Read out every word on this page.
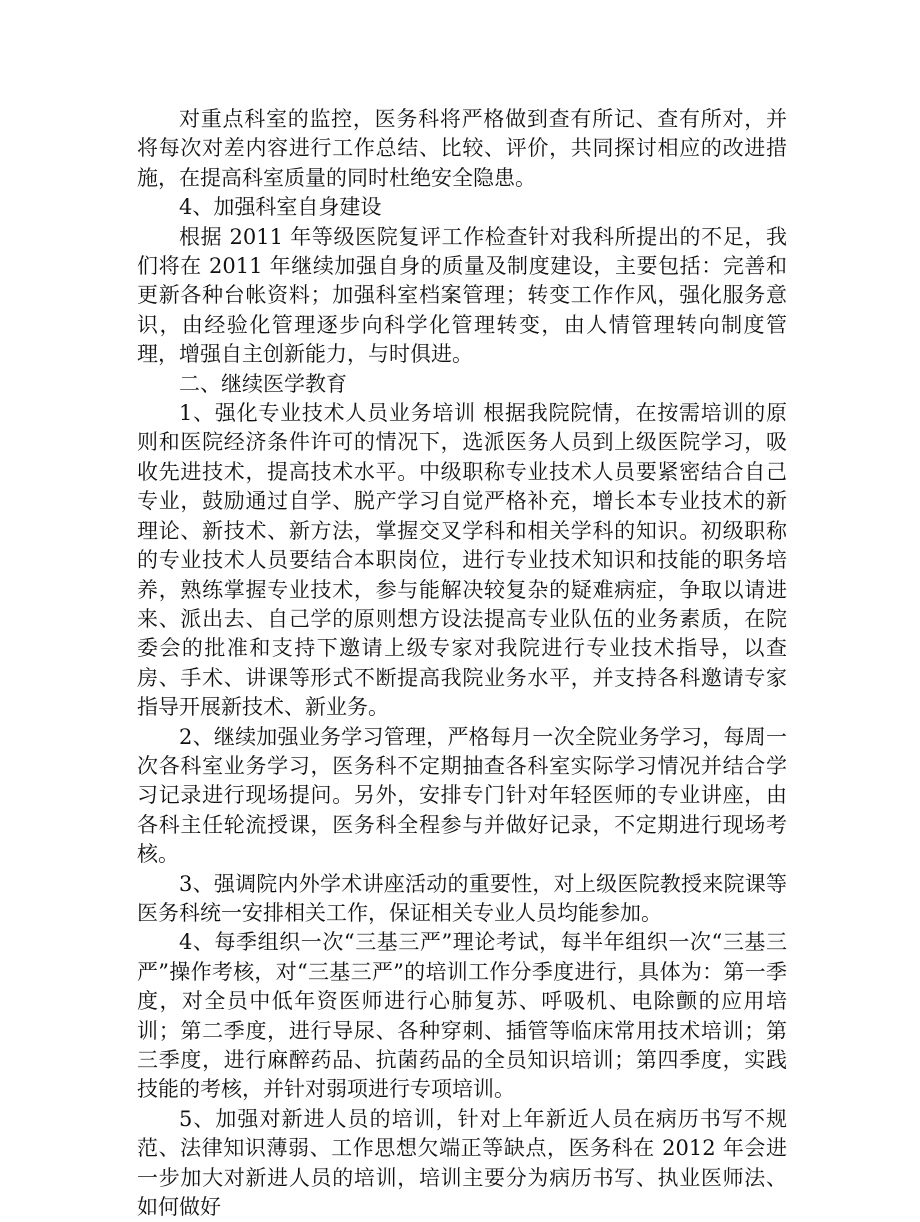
对重点科室的监控，医务科将严格做到查有所记、查有所对，并将每次对差内容进行工作总结、比较、评价，共同探讨相应的改进措施，在提高科室质量的同时杜绝安全隐患。

4、加强科室自身建设

根据 2011 年等级医院复评工作检查针对我科所提出的不足，我们将在 2011 年继续加强自身的质量及制度建设，主要包括：完善和更新各种台帐资料；加强科室档案管理；转变工作作风，强化服务意识，由经验化管理逐步向科学化管理转变，由人情管理转向制度管理，增强自主创新能力，与时俱进。

二、继续医学教育

1、强化专业技术人员业务培训 根据我院院情，在按需培训的原则和医院经济条件许可的情况下，选派医务人员到上级医院学习，吸收先进技术，提高技术水平。中级职称专业技术人员要紧密结合自己专业，鼓励通过自学、脱产学习自觉严格补充，增长本专业技术的新理论、新技术、新方法，掌握交叉学科和相关学科的知识。初级职称的专业技术人员要结合本职岗位，进行专业技术知识和技能的职务培养，熟练掌握专业技术，参与能解决较复杂的疑难病症，争取以请进来、派出去、自己学的原则想方设法提高专业队伍的业务素质，在院委会的批准和支持下邀请上级专家对我院进行专业技术指导，以查房、手术、讲课等形式不断提高我院业务水平，并支持各科邀请专家指导开展新技术、新业务。

2、继续加强业务学习管理，严格每月一次全院业务学习，每周一次各科室业务学习，医务科不定期抽查各科室实际学习情况并结合学习记录进行现场提问。另外，安排专门针对年轻医师的专业讲座，由各科主任轮流授课，医务科全程参与并做好记录，不定期进行现场考核。

3、强调院内外学术讲座活动的重要性，对上级医院教授来院课等医务科统一安排相关工作，保证相关专业人员均能参加。

4、每季组织一次“三基三严”理论考试，每半年组织一次“三基三严”操作考核，对“三基三严”的培训工作分季度进行，具体为：第一季度，对全员中低年资医师进行心肺复苏、呼吸机、电除颤的应用培训；第二季度，进行导尿、各种穿刺、插管等临床常用技术培训；第三季度，进行麻醉药品、抗菌药品的全员知识培训；第四季度，实践技能的考核，并针对弱项进行专项培训。

5、加强对新进人员的培训，针对上年新近人员在病历书写不规范、法律知识薄弱、工作思想欠端正等缺点，医务科在 2012 年会进一步加大对新进人员的培训，培训主要分为病历书写、执业医师法、如何做好
